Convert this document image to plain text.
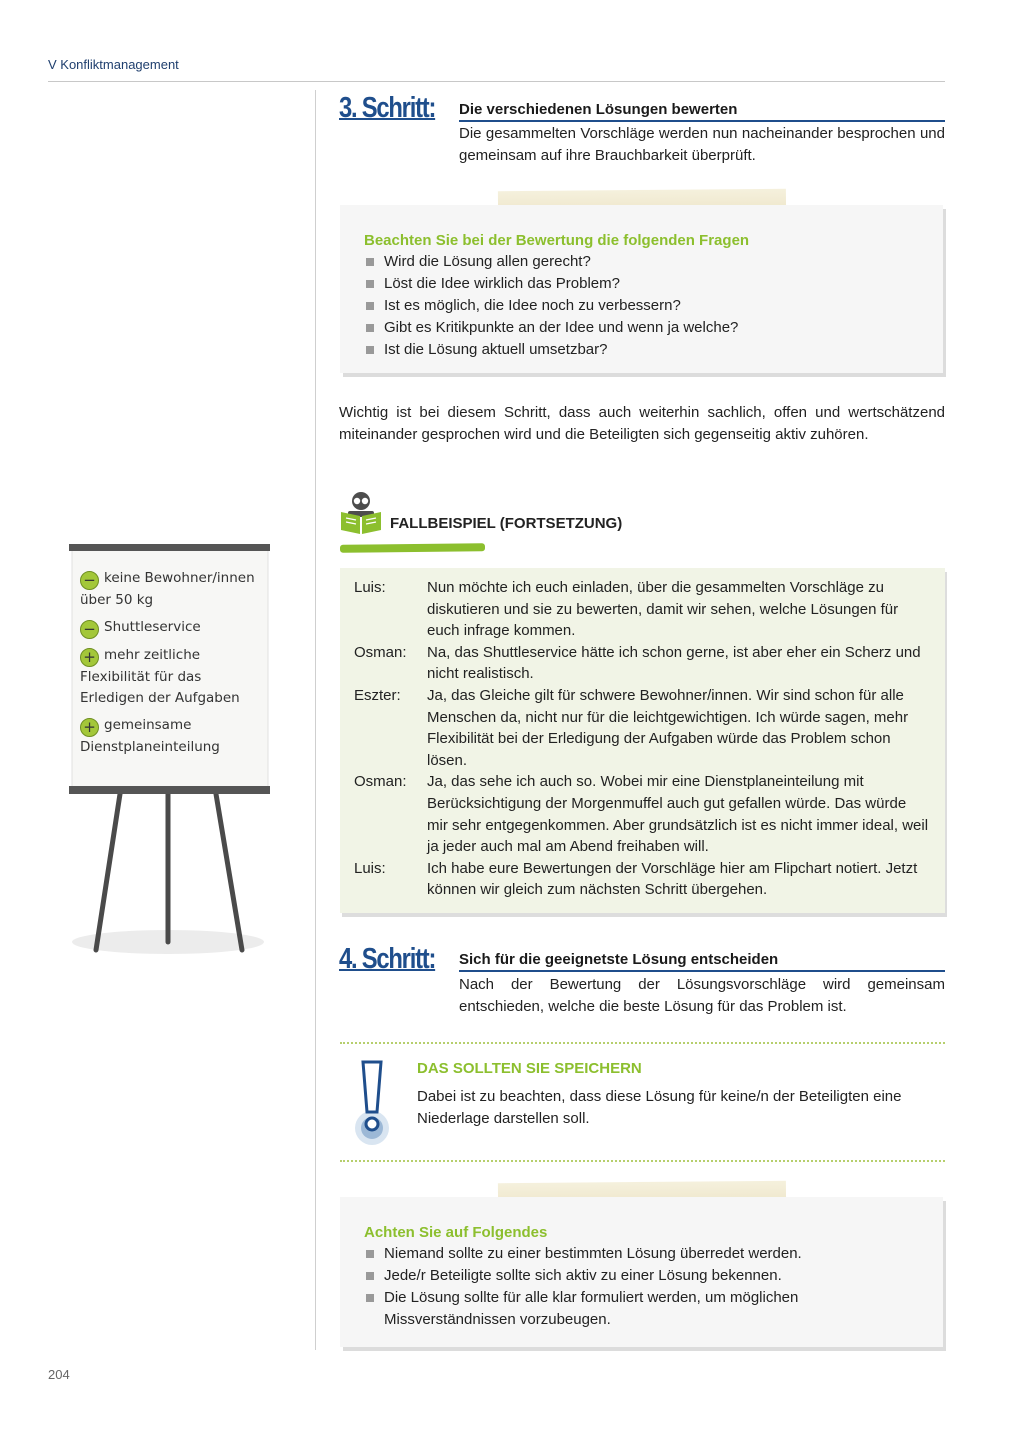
V Konfliktmanagement
3. Schritt: Die verschiedenen Lösungen bewerten
Die gesammelten Vorschläge werden nun nacheinander besprochen und gemeinsam auf ihre Brauchbarkeit überprüft.
Beachten Sie bei der Bewertung die folgenden Fragen
Wird die Lösung allen gerecht?
Löst die Idee wirklich das Problem?
Ist es möglich, die Idee noch zu verbessern?
Gibt es Kritikpunkte an der Idee und wenn ja welche?
Ist die Lösung aktuell umsetzbar?
Wichtig ist bei diesem Schritt, dass auch weiterhin sachlich, offen und wertschätzend miteinander gesprochen wird und die Beteiligten sich gegenseitig aktiv zuhören.
FALLBEISPIEL (FORTSETZUNG)
Luis:	Nun möchte ich euch einladen, über die gesammelten Vorschläge zu diskutieren und sie zu bewerten, damit wir sehen, welche Lösungen für euch infrage kommen.
Osman:	Na, das Shuttleservice hätte ich schon gerne, ist aber eher ein Scherz und nicht realistisch.
Eszter:	Ja, das Gleiche gilt für schwere Bewohner/innen. Wir sind schon für alle Menschen da, nicht nur für die leichtgewichtigen. Ich würde sagen, mehr Flexibilität bei der Erledigung der Aufgaben würde das Problem schon lösen.
Osman:	Ja, das sehe ich auch so. Wobei mir eine Dienstplaneinteilung mit Berücksichtigung der Morgenmuffel auch gut gefallen würde. Das würde mir sehr entgegenkommen. Aber grundsätzlich ist es nicht immer ideal, weil ja jeder auch mal am Abend freihaben will.
Luis:	Ich habe eure Bewertungen der Vorschläge hier am Flipchart notiert. Jetzt können wir gleich zum nächsten Schritt übergehen.
− keine Bewohner/innen über 50 kg
− Shuttleservice
+ mehr zeitliche Flexibilität für das Erledigen der Aufgaben
+ gemeinsame Dienstplaneinteilung
4. Schritt: Sich für die geeignetste Lösung entscheiden
Nach der Bewertung der Lösungsvorschläge wird gemeinsam entschieden, welche die beste Lösung für das Problem ist.
DAS SOLLTEN SIE SPEICHERN
Dabei ist zu beachten, dass diese Lösung für keine/n der Beteiligten eine Niederlage darstellen soll.
Achten Sie auf Folgendes
Niemand sollte zu einer bestimmten Lösung überredet werden.
Jede/r Beteiligte sollte sich aktiv zu einer Lösung bekennen.
Die Lösung sollte für alle klar formuliert werden, um möglichen Missverständnissen vorzubeugen.
204
